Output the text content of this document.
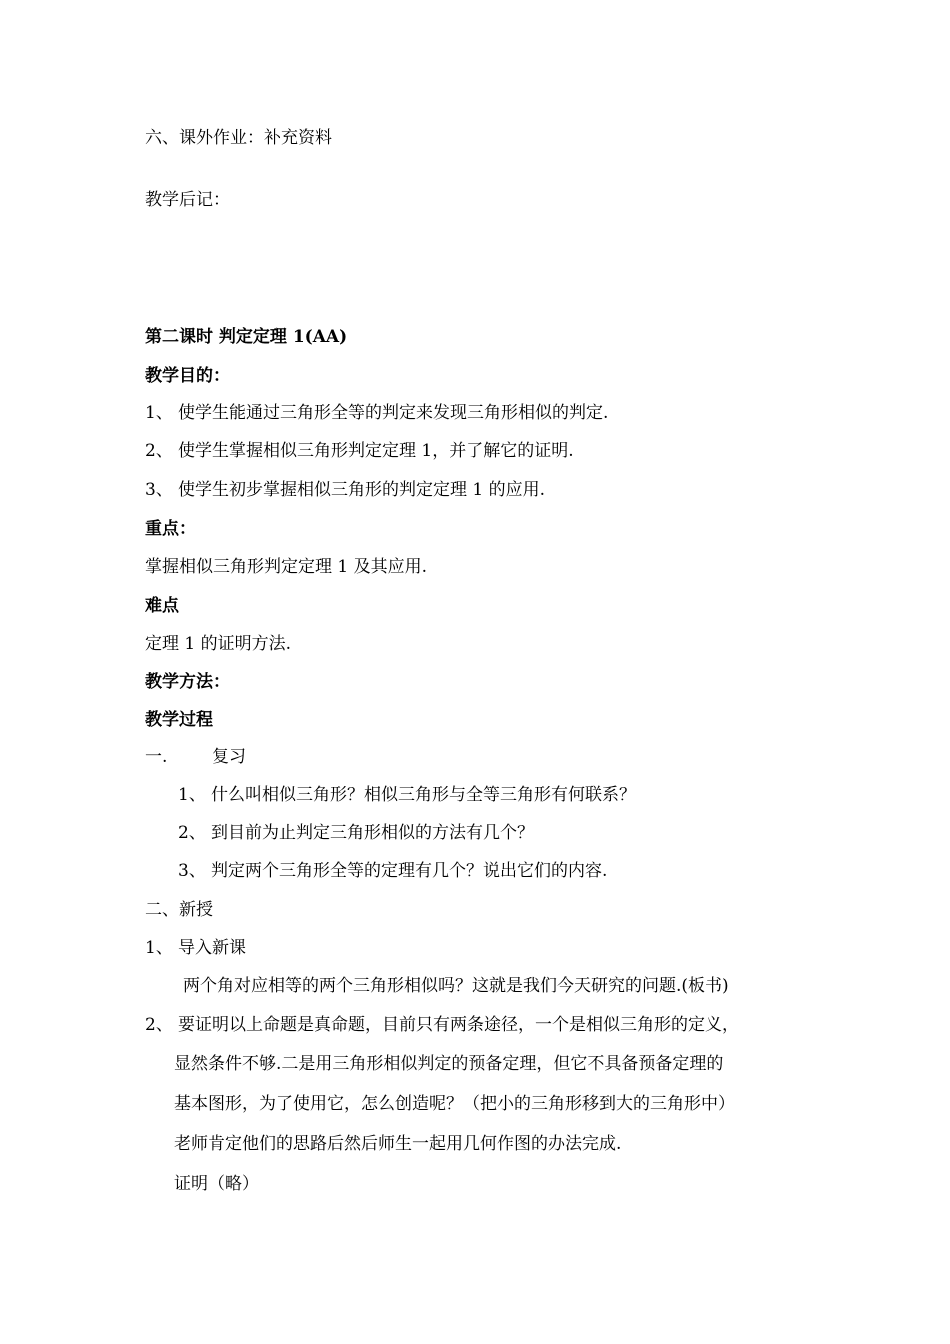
六、课外作业：补充资料
教学后记：
第二课时 判定定理 1(AA)
教学目的：
1、 使学生能通过三角形全等的判定来发现三角形相似的判定.
2、 使学生掌握相似三角形判定定理 1，并了解它的证明.
3、 使学生初步掌握相似三角形的判定定理 1 的应用.
重点：
掌握相似三角形判定定理 1 及其应用.
难点
定理 1 的证明方法.
教学方法：
教学过程
一.	复习
1、 什么叫相似三角形？相似三角形与全等三角形有何联系？
2、 到目前为止判定三角形相似的方法有几个？
3、 判定两个三角形全等的定理有几个？说出它们的内容.
二、新授
1、 导入新课
两个角对应相等的两个三角形相似吗？这就是我们今天研究的问题.(板书)
2、 要证明以上命题是真命题，目前只有两条途径，一个是相似三角形的定义，
显然条件不够.二是用三角形相似判定的预备定理，但它不具备预备定理的
基本图形，为了使用它，怎么创造呢？（把小的三角形移到大的三角形中）
老师肯定他们的思路后然后师生一起用几何作图的办法完成.
证明（略）
